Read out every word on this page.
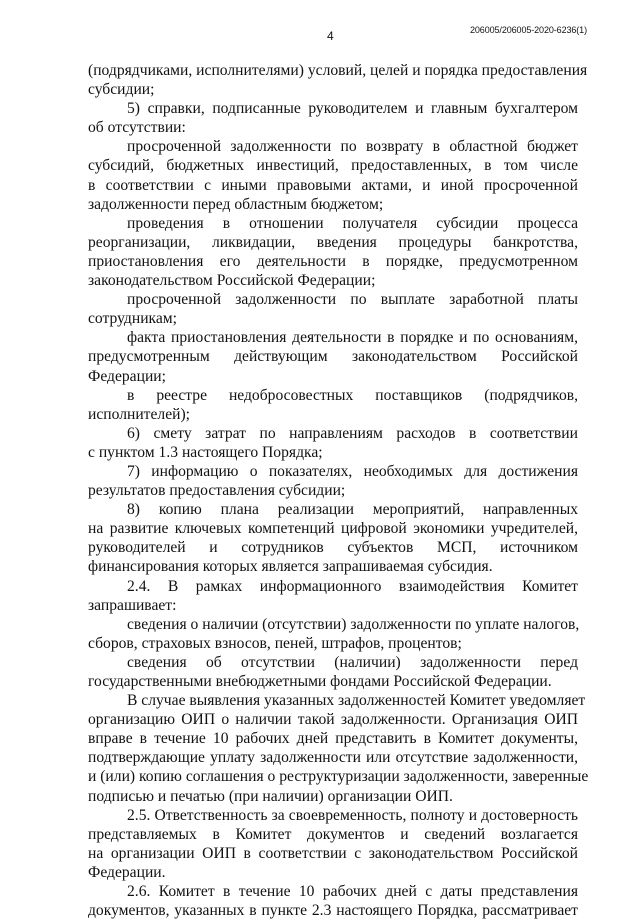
4	206005/206005-2020-6236(1)
(подрядчиками, исполнителями) условий, целей и порядка предоставления
субсидии;
5) справки, подписанные руководителем и главным бухгалтером
об отсутствии:
просроченной задолженности по возврату в областной бюджет
субсидий, бюджетных инвестиций, предоставленных, в том числе
в соответствии с иными правовыми актами, и иной просроченной
задолженности перед областным бюджетом;
проведения в отношении получателя субсидии процесса
реорганизации, ликвидации, введения процедуры банкротства,
приостановления его деятельности в порядке, предусмотренном
законодательством Российской Федерации;
просроченной задолженности по выплате заработной платы
сотрудникам;
факта приостановления деятельности в порядке и по основаниям,
предусмотренным действующим законодательством Российской
Федерации;
в реестре недобросовестных поставщиков (подрядчиков,
исполнителей);
6) смету затрат по направлениям расходов в соответствии
с пунктом 1.3 настоящего Порядка;
7) информацию о показателях, необходимых для достижения
результатов предоставления субсидии;
8) копию плана реализации мероприятий, направленных
на развитие ключевых компетенций цифровой экономики учредителей,
руководителей и сотрудников субъектов МСП, источником
финансирования которых является запрашиваемая субсидия.
2.4. В рамках информационного взаимодействия Комитет
запрашивает:
сведения о наличии (отсутствии) задолженности по уплате налогов,
сборов, страховых взносов, пеней, штрафов, процентов;
сведения об отсутствии (наличии) задолженности перед
государственными внебюджетными фондами Российской Федерации.
В случае выявления указанных задолженностей Комитет уведомляет
организацию ОИП о наличии такой задолженности. Организация ОИП
вправе в течение 10 рабочих дней представить в Комитет документы,
подтверждающие уплату задолженности или отсутствие задолженности,
и (или) копию соглашения о реструктуризации задолженности, заверенные
подписью и печатью (при наличии) организации ОИП.
2.5. Ответственность за своевременность, полноту и достоверность
представляемых в Комитет документов и сведений возлагается
на организации ОИП в соответствии с законодательством Российской
Федерации.
2.6. Комитет в течение 10 рабочих дней с даты представления
документов, указанных в пункте 2.3 настоящего Порядка, рассматривает
